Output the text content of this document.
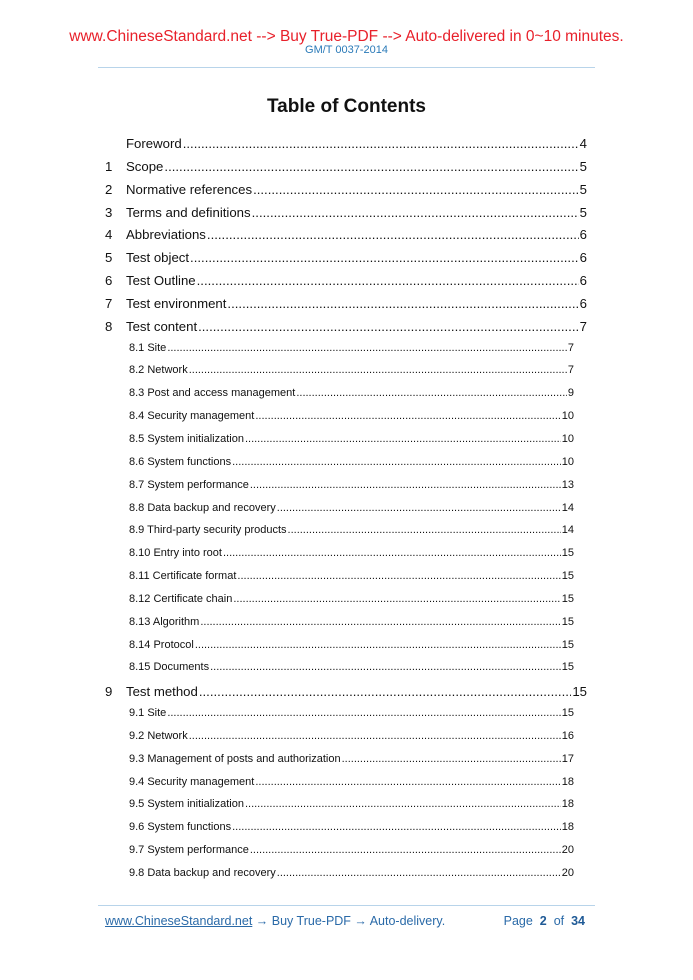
www.ChineseStandard.net --> Buy True-PDF --> Auto-delivered in 0~10 minutes.
GM/T 0037-2014
Table of Contents
Foreword .....	4
1	Scope .....	5
2	Normative references .....	5
3	Terms and definitions .....	5
4	Abbreviations .....	6
5	Test object .....	6
6	Test Outline .....	6
7	Test environment .....	6
8	Test content .....	7
8.1 Site .....	7
8.2 Network .....	7
8.3 Post and access management .....	9
8.4 Security management .....	10
8.5 System initialization .....	10
8.6 System functions .....	10
8.7 System performance .....	13
8.8 Data backup and recovery .....	14
8.9 Third-party security products .....	14
8.10 Entry into root .....	15
8.11 Certificate format .....	15
8.12 Certificate chain .....	15
8.13 Algorithm .....	15
8.14 Protocol .....	15
8.15 Documents .....	15
9	Test method .....	15
9.1 Site .....	15
9.2 Network .....	16
9.3 Management of posts and authorization .....	17
9.4 Security management .....	18
9.5 System initialization .....	18
9.6 System functions .....	18
9.7 System performance .....	20
9.8 Data backup and recovery .....	20
www.ChineseStandard.net → Buy True-PDF → Auto-delivery.	Page 2 of 34
